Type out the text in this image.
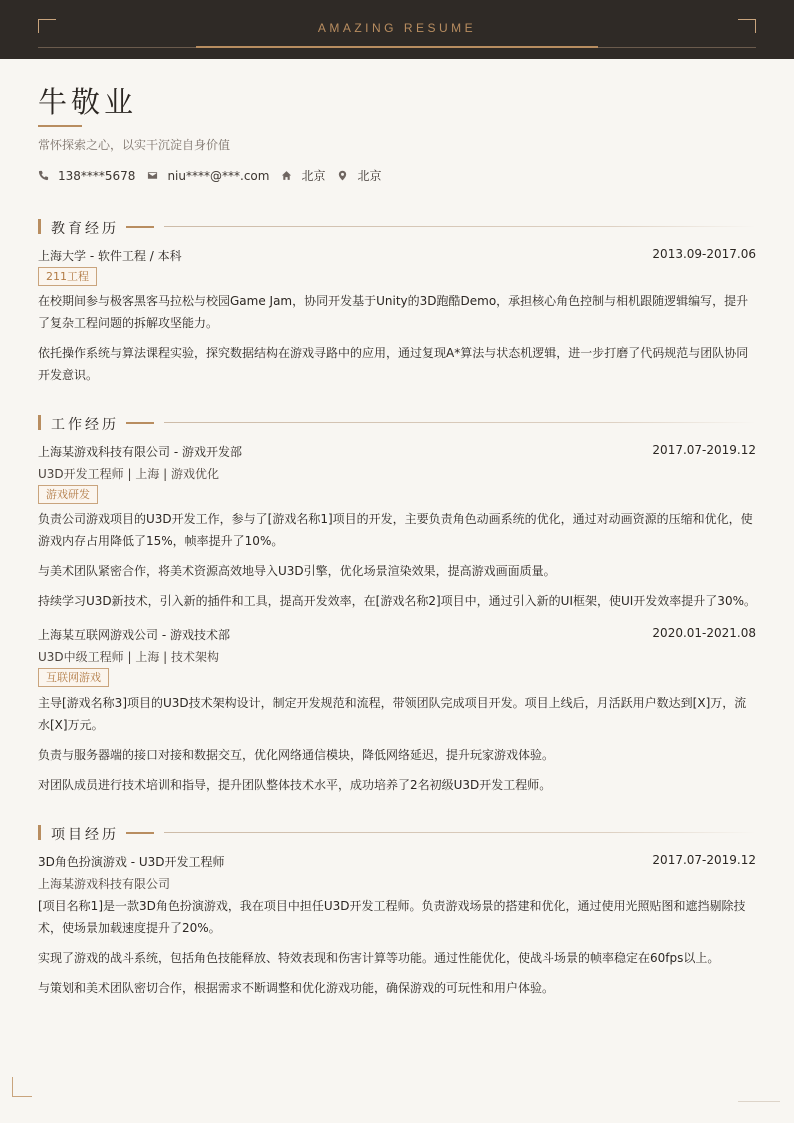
AMAZING RESUME
牛敬业
常怀探索之心，以实干沉淀自身价值
138****5678	niu****@***.com	北京	北京
教育经历
上海大学 - 软件工程 / 本科	2013.09-2017.06
211工程
在校期间参与极客黑客马拉松与校园Game Jam，协同开发基于Unity的3D跑酷Demo，承担核心角色控制与相机跟随逻辑编写，提升了复杂工程问题的拆解攻坚能力。
依托操作系统与算法课程实验，探究数据结构在游戏寻路中的应用，通过复现A*算法与状态机逻辑，进一步打磨了代码规范与团队协同开发意识。
工作经历
上海某游戏科技有限公司 - 游戏开发部	2017.07-2019.12
U3D开发工程师 | 上海 | 游戏优化
游戏研发
负责公司游戏项目的U3D开发工作，参与了[游戏名称1]项目的开发，主要负责角色动画系统的优化，通过对动画资源的压缩和优化，使游戏内存占用降低了15%，帧率提升了10%。
与美术团队紧密合作，将美术资源高效地导入U3D引擎，优化场景渲染效果，提高游戏画面质量。
持续学习U3D新技术，引入新的插件和工具，提高开发效率，在[游戏名称2]项目中，通过引入新的UI框架，使UI开发效率提升了30%。
上海某互联网游戏公司 - 游戏技术部	2020.01-2021.08
U3D中级工程师 | 上海 | 技术架构
互联网游戏
主导[游戏名称3]项目的U3D技术架构设计，制定开发规范和流程，带领团队完成项目开发。项目上线后，月活跃用户数达到[X]万，流水[X]万元。
负责与服务器端的接口对接和数据交互，优化网络通信模块，降低网络延迟，提升玩家游戏体验。
对团队成员进行技术培训和指导，提升团队整体技术水平，成功培养了2名初级U3D开发工程师。
项目经历
3D角色扮演游戏 - U3D开发工程师	2017.07-2019.12
上海某游戏科技有限公司
[项目名称1]是一款3D角色扮演游戏，我在项目中担任U3D开发工程师。负责游戏场景的搭建和优化，通过使用光照贴图和遮挡剔除技术，使场景加载速度提升了20%。
实现了游戏的战斗系统，包括角色技能释放、特效表现和伤害计算等功能。通过性能优化，使战斗场景的帧率稳定在60fps以上。
与策划和美术团队密切合作，根据需求不断调整和优化游戏功能，确保游戏的可玩性和用户体验。
